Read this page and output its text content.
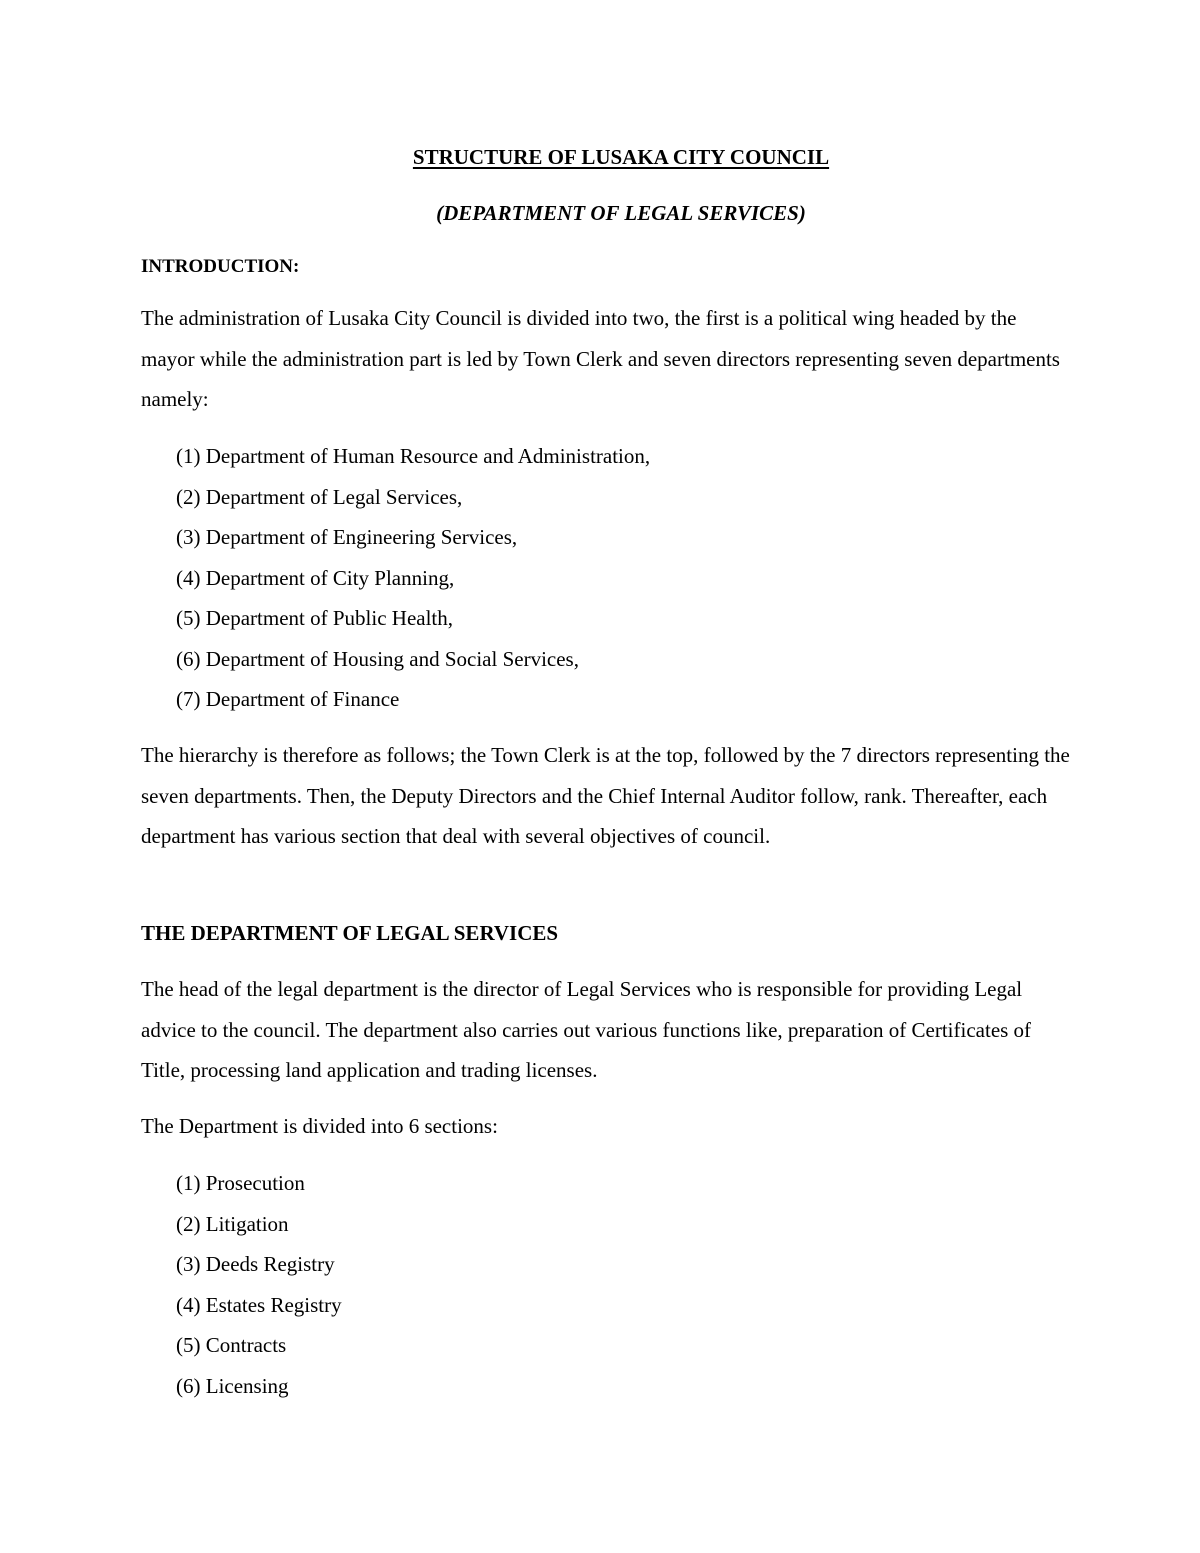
STRUCTURE OF LUSAKA CITY COUNCIL
(DEPARTMENT OF LEGAL SERVICES)
INTRODUCTION:

The administration of Lusaka City Council is divided into two, the first is a political wing headed by the mayor while the administration part is led by Town Clerk and seven directors representing seven departments namely:

(1) Department of Human Resource and Administration,
(2) Department of Legal Services,
(3) Department of Engineering Services,
(4) Department of City Planning,
(5) Department of Public Health,
(6) Department of Housing and Social Services,
(7) Department of Finance

The hierarchy is therefore as follows; the Town Clerk is at the top, followed by the 7 directors representing the seven departments. Then, the Deputy Directors and the Chief Internal Auditor follow, rank. Thereafter, each department has various section that deal with several objectives of council.

THE DEPARTMENT OF LEGAL SERVICES

The head of the legal department is the director of Legal Services who is responsible for providing Legal advice to the council. The department also carries out various functions like, preparation of Certificates of Title, processing land application and trading licenses.

The Department is divided into 6 sections:

(1) Prosecution
(2) Litigation
(3) Deeds Registry
(4) Estates Registry
(5) Contracts
(6) Licensing
